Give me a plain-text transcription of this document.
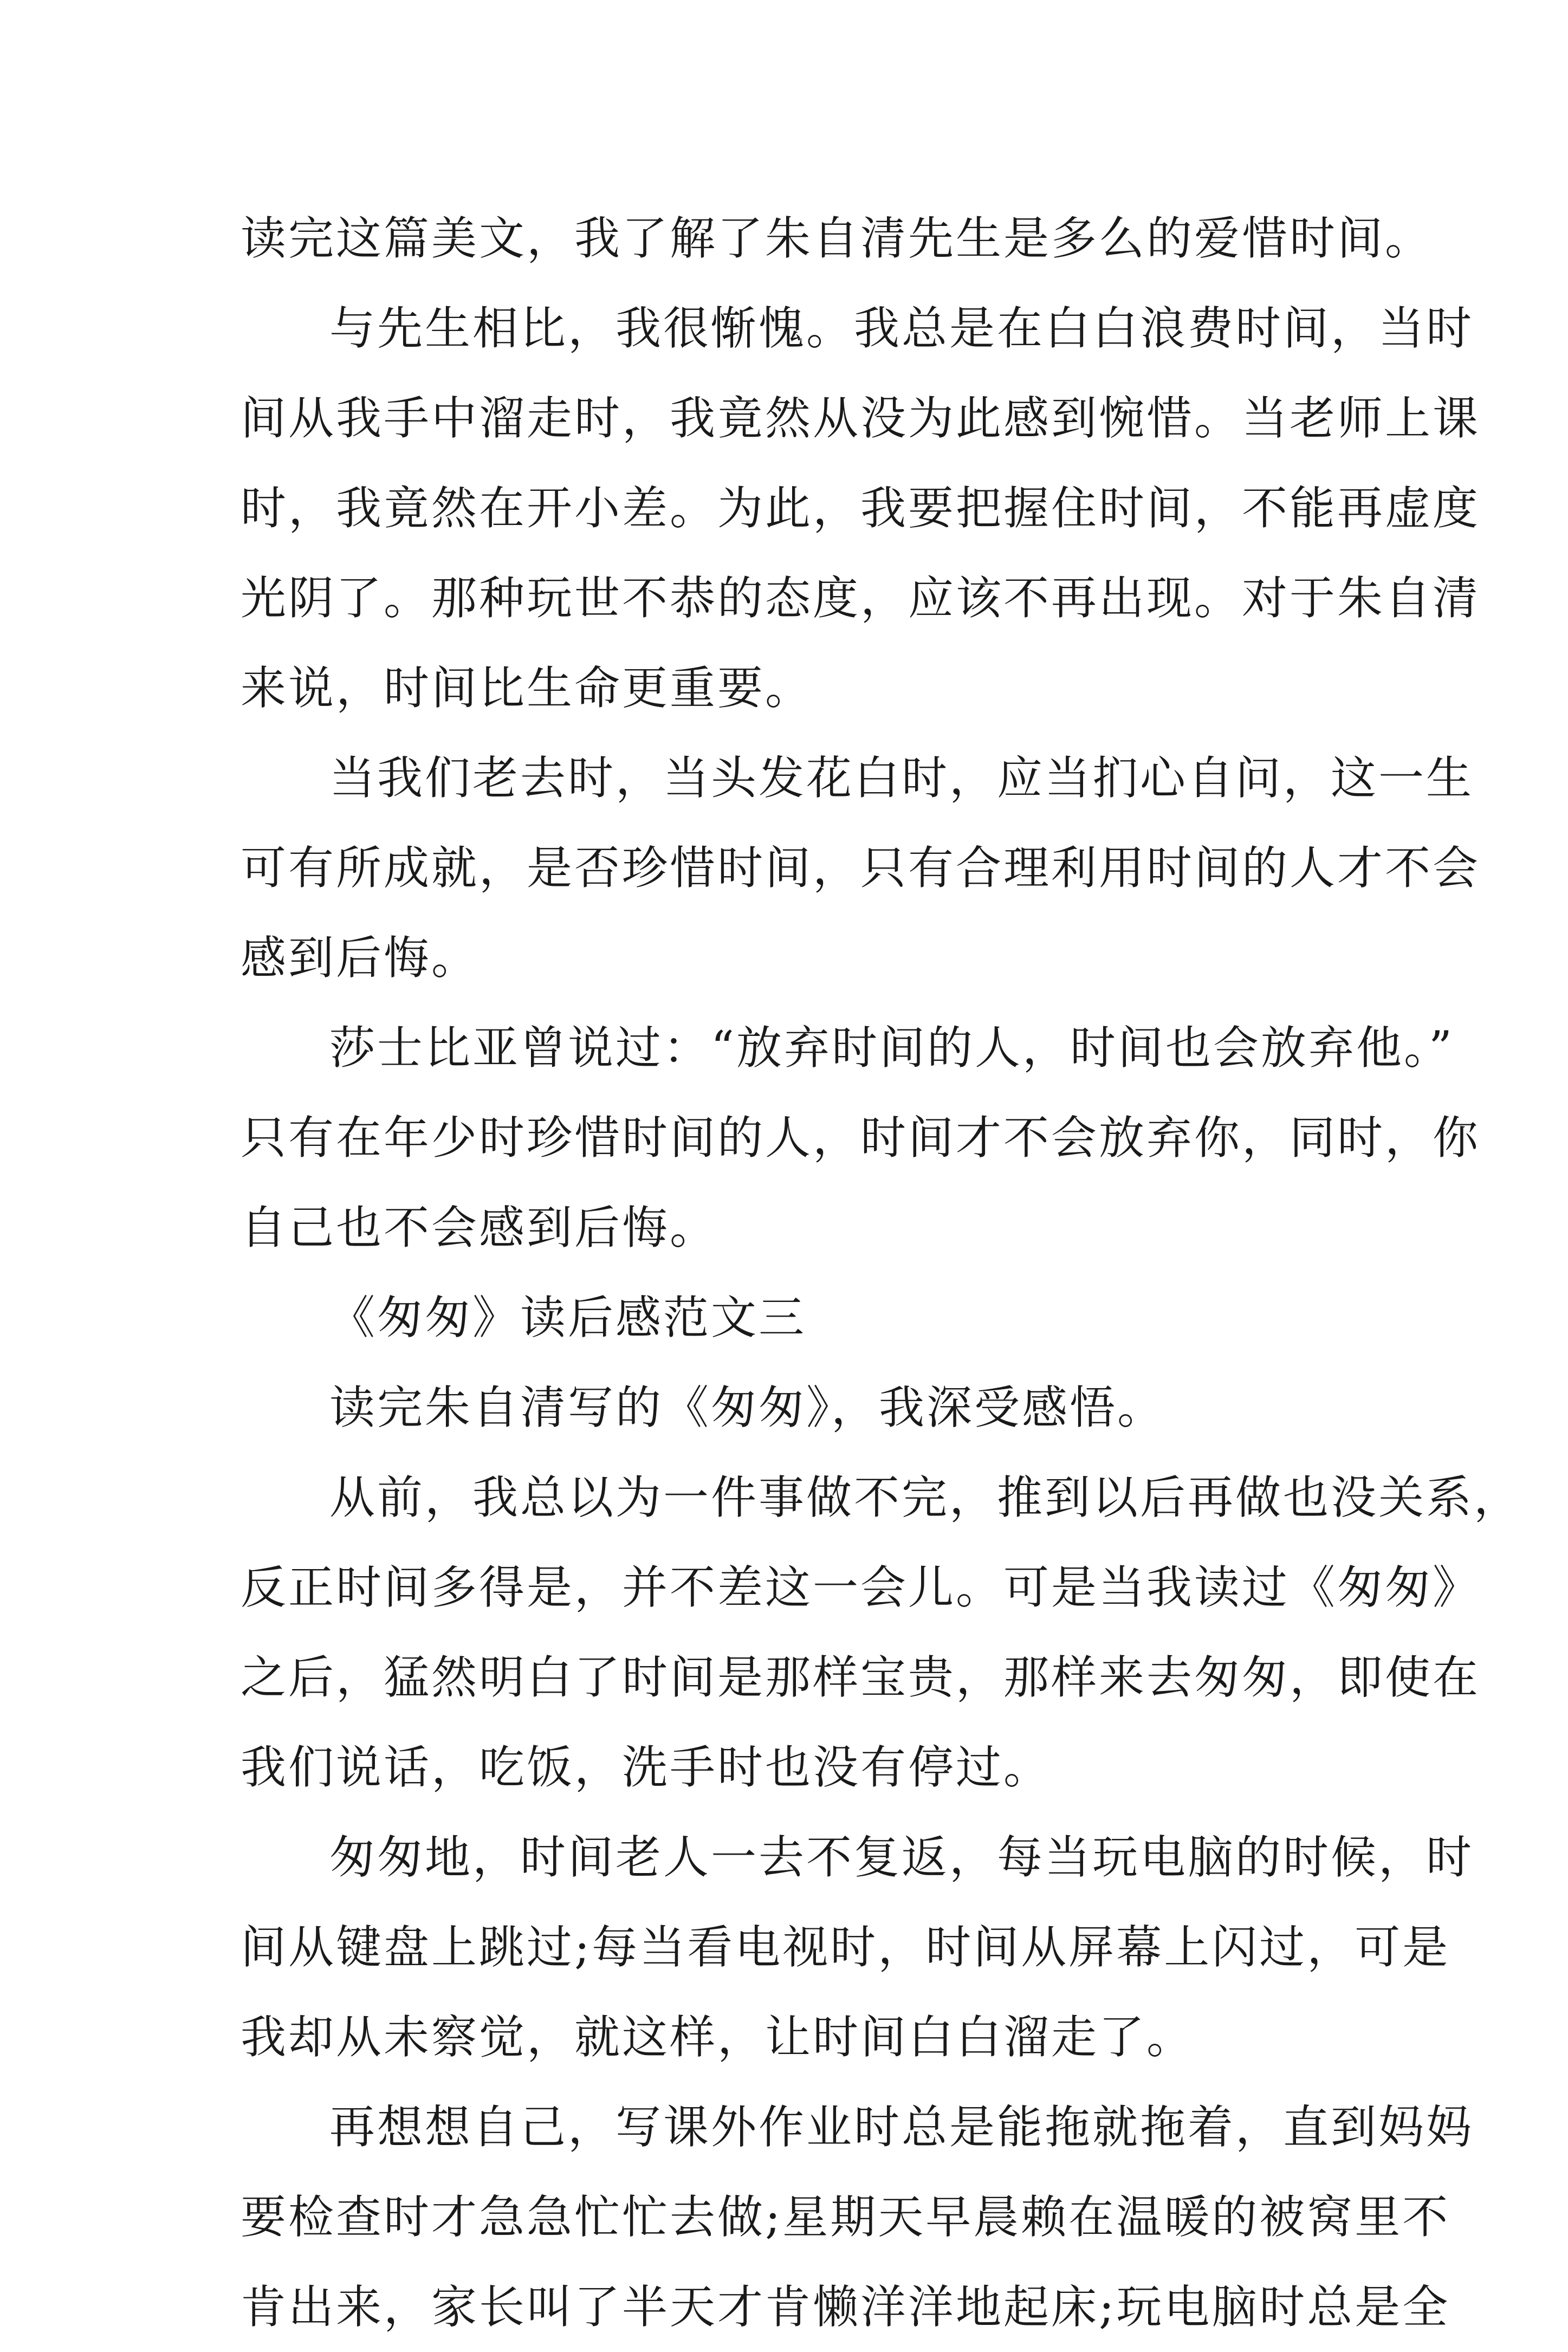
读完这篇美文，我了解了朱自清先生是多么的爱惜时间。
与先生相比，我很惭愧。我总是在白白浪费时间，当时
间从我手中溜走时，我竟然从没为此感到惋惜。当老师上课
时，我竟然在开小差。为此，我要把握住时间，不能再虚度
光阴了。那种玩世不恭的态度，应该不再出现。对于朱自清
来说，时间比生命更重要。
当我们老去时，当头发花白时，应当扪心自问，这一生
可有所成就，是否珍惜时间，只有合理利用时间的人才不会
感到后悔。
莎士比亚曾说过：“放弃时间的人，时间也会放弃他。”
只有在年少时珍惜时间的人，时间才不会放弃你，同时，你
自己也不会感到后悔。
《匆匆》读后感范文三
读完朱自清写的《匆匆》，我深受感悟。
从前，我总以为一件事做不完，推到以后再做也没关系，
反正时间多得是，并不差这一会儿。可是当我读过《匆匆》
之后，猛然明白了时间是那样宝贵，那样来去匆匆，即使在
我们说话，吃饭，洗手时也没有停过。
匆匆地，时间老人一去不复返，每当玩电脑的时候，时
间从键盘上跳过;每当看电视时，时间从屏幕上闪过，可是
我却从未察觉，就这样，让时间白白溜走了。
再想想自己，写课外作业时总是能拖就拖着，直到妈妈
要检查时才急急忙忙去做;星期天早晨赖在温暖的被窝里不
肯出来，家长叫了半天才肯懒洋洋地起床;玩电脑时总是全
